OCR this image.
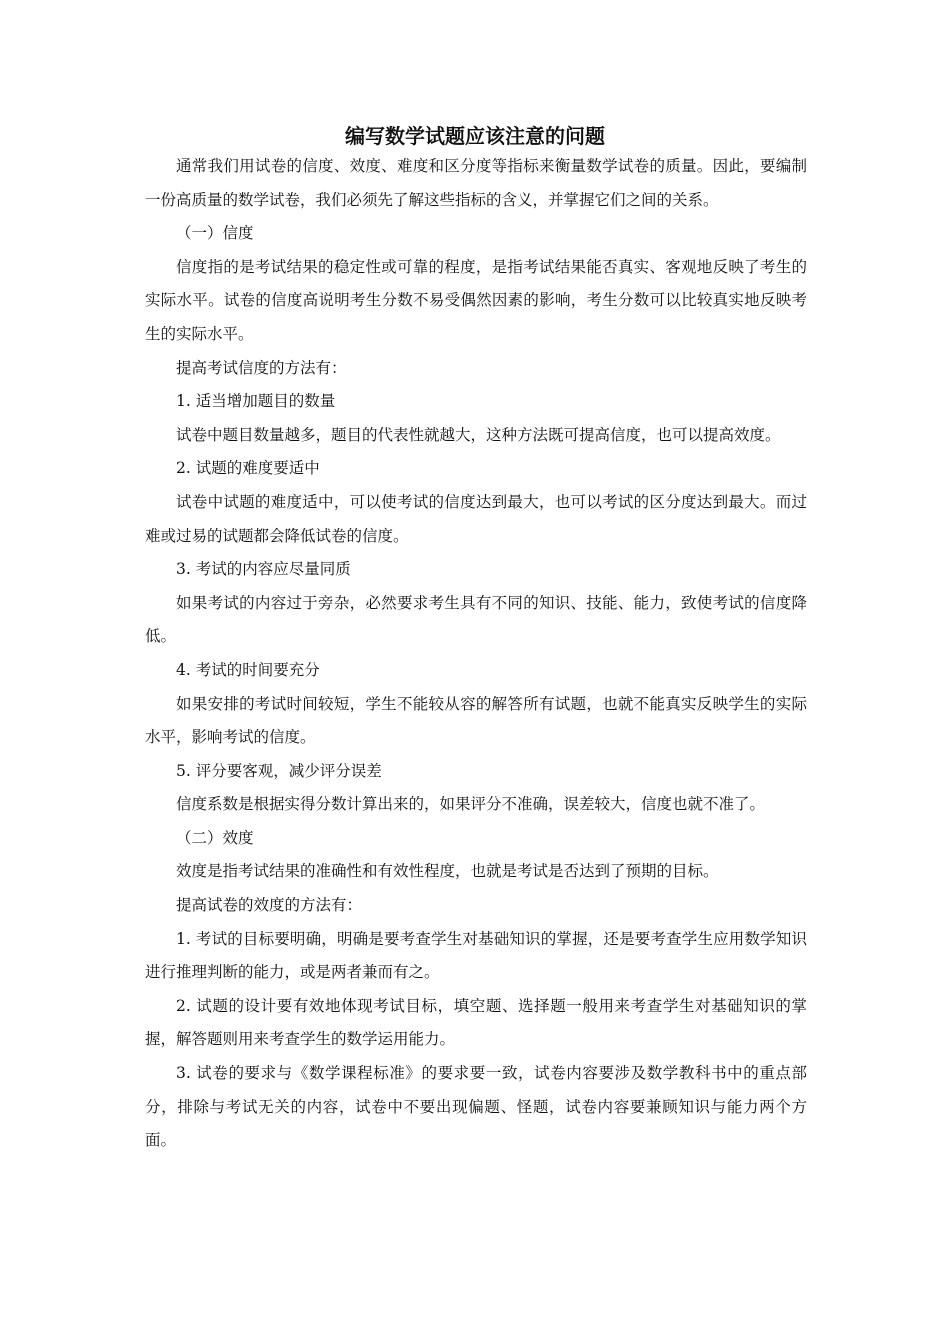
编写数学试题应该注意的问题

通常我们用试卷的信度、效度、难度和区分度等指标来衡量数学试卷的质量。因此，要编制一份高质量的数学试卷，我们必须先了解这些指标的含义，并掌握它们之间的关系。

（一）信度

信度指的是考试结果的稳定性或可靠的程度，是指考试结果能否真实、客观地反映了考生的实际水平。试卷的信度高说明考生分数不易受偶然因素的影响，考生分数可以比较真实地反映考生的实际水平。

提高考试信度的方法有：

1. 适当增加题目的数量

试卷中题目数量越多，题目的代表性就越大，这种方法既可提高信度，也可以提高效度。

2. 试题的难度要适中

试卷中试题的难度适中，可以使考试的信度达到最大，也可以考试的区分度达到最大。而过难或过易的试题都会降低试卷的信度。

3. 考试的内容应尽量同质

如果考试的内容过于旁杂，必然要求考生具有不同的知识、技能、能力，致使考试的信度降低。

4. 考试的时间要充分

如果安排的考试时间较短，学生不能较从容的解答所有试题，也就不能真实反映学生的实际水平，影响考试的信度。

5. 评分要客观，减少评分误差

信度系数是根据实得分数计算出来的，如果评分不准确，误差较大，信度也就不准了。

（二）效度

效度是指考试结果的准确性和有效性程度，也就是考试是否达到了预期的目标。

提高试卷的效度的方法有：

1. 考试的目标要明确，明确是要考查学生对基础知识的掌握，还是要考查学生应用数学知识进行推理判断的能力，或是两者兼而有之。

2. 试题的设计要有效地体现考试目标，填空题、选择题一般用来考查学生对基础知识的掌握，解答题则用来考查学生的数学运用能力。

3. 试卷的要求与《数学课程标准》的要求要一致，试卷内容要涉及数学教科书中的重点部分，排除与考试无关的内容，试卷中不要出现偏题、怪题，试卷内容要兼顾知识与能力两个方面。
